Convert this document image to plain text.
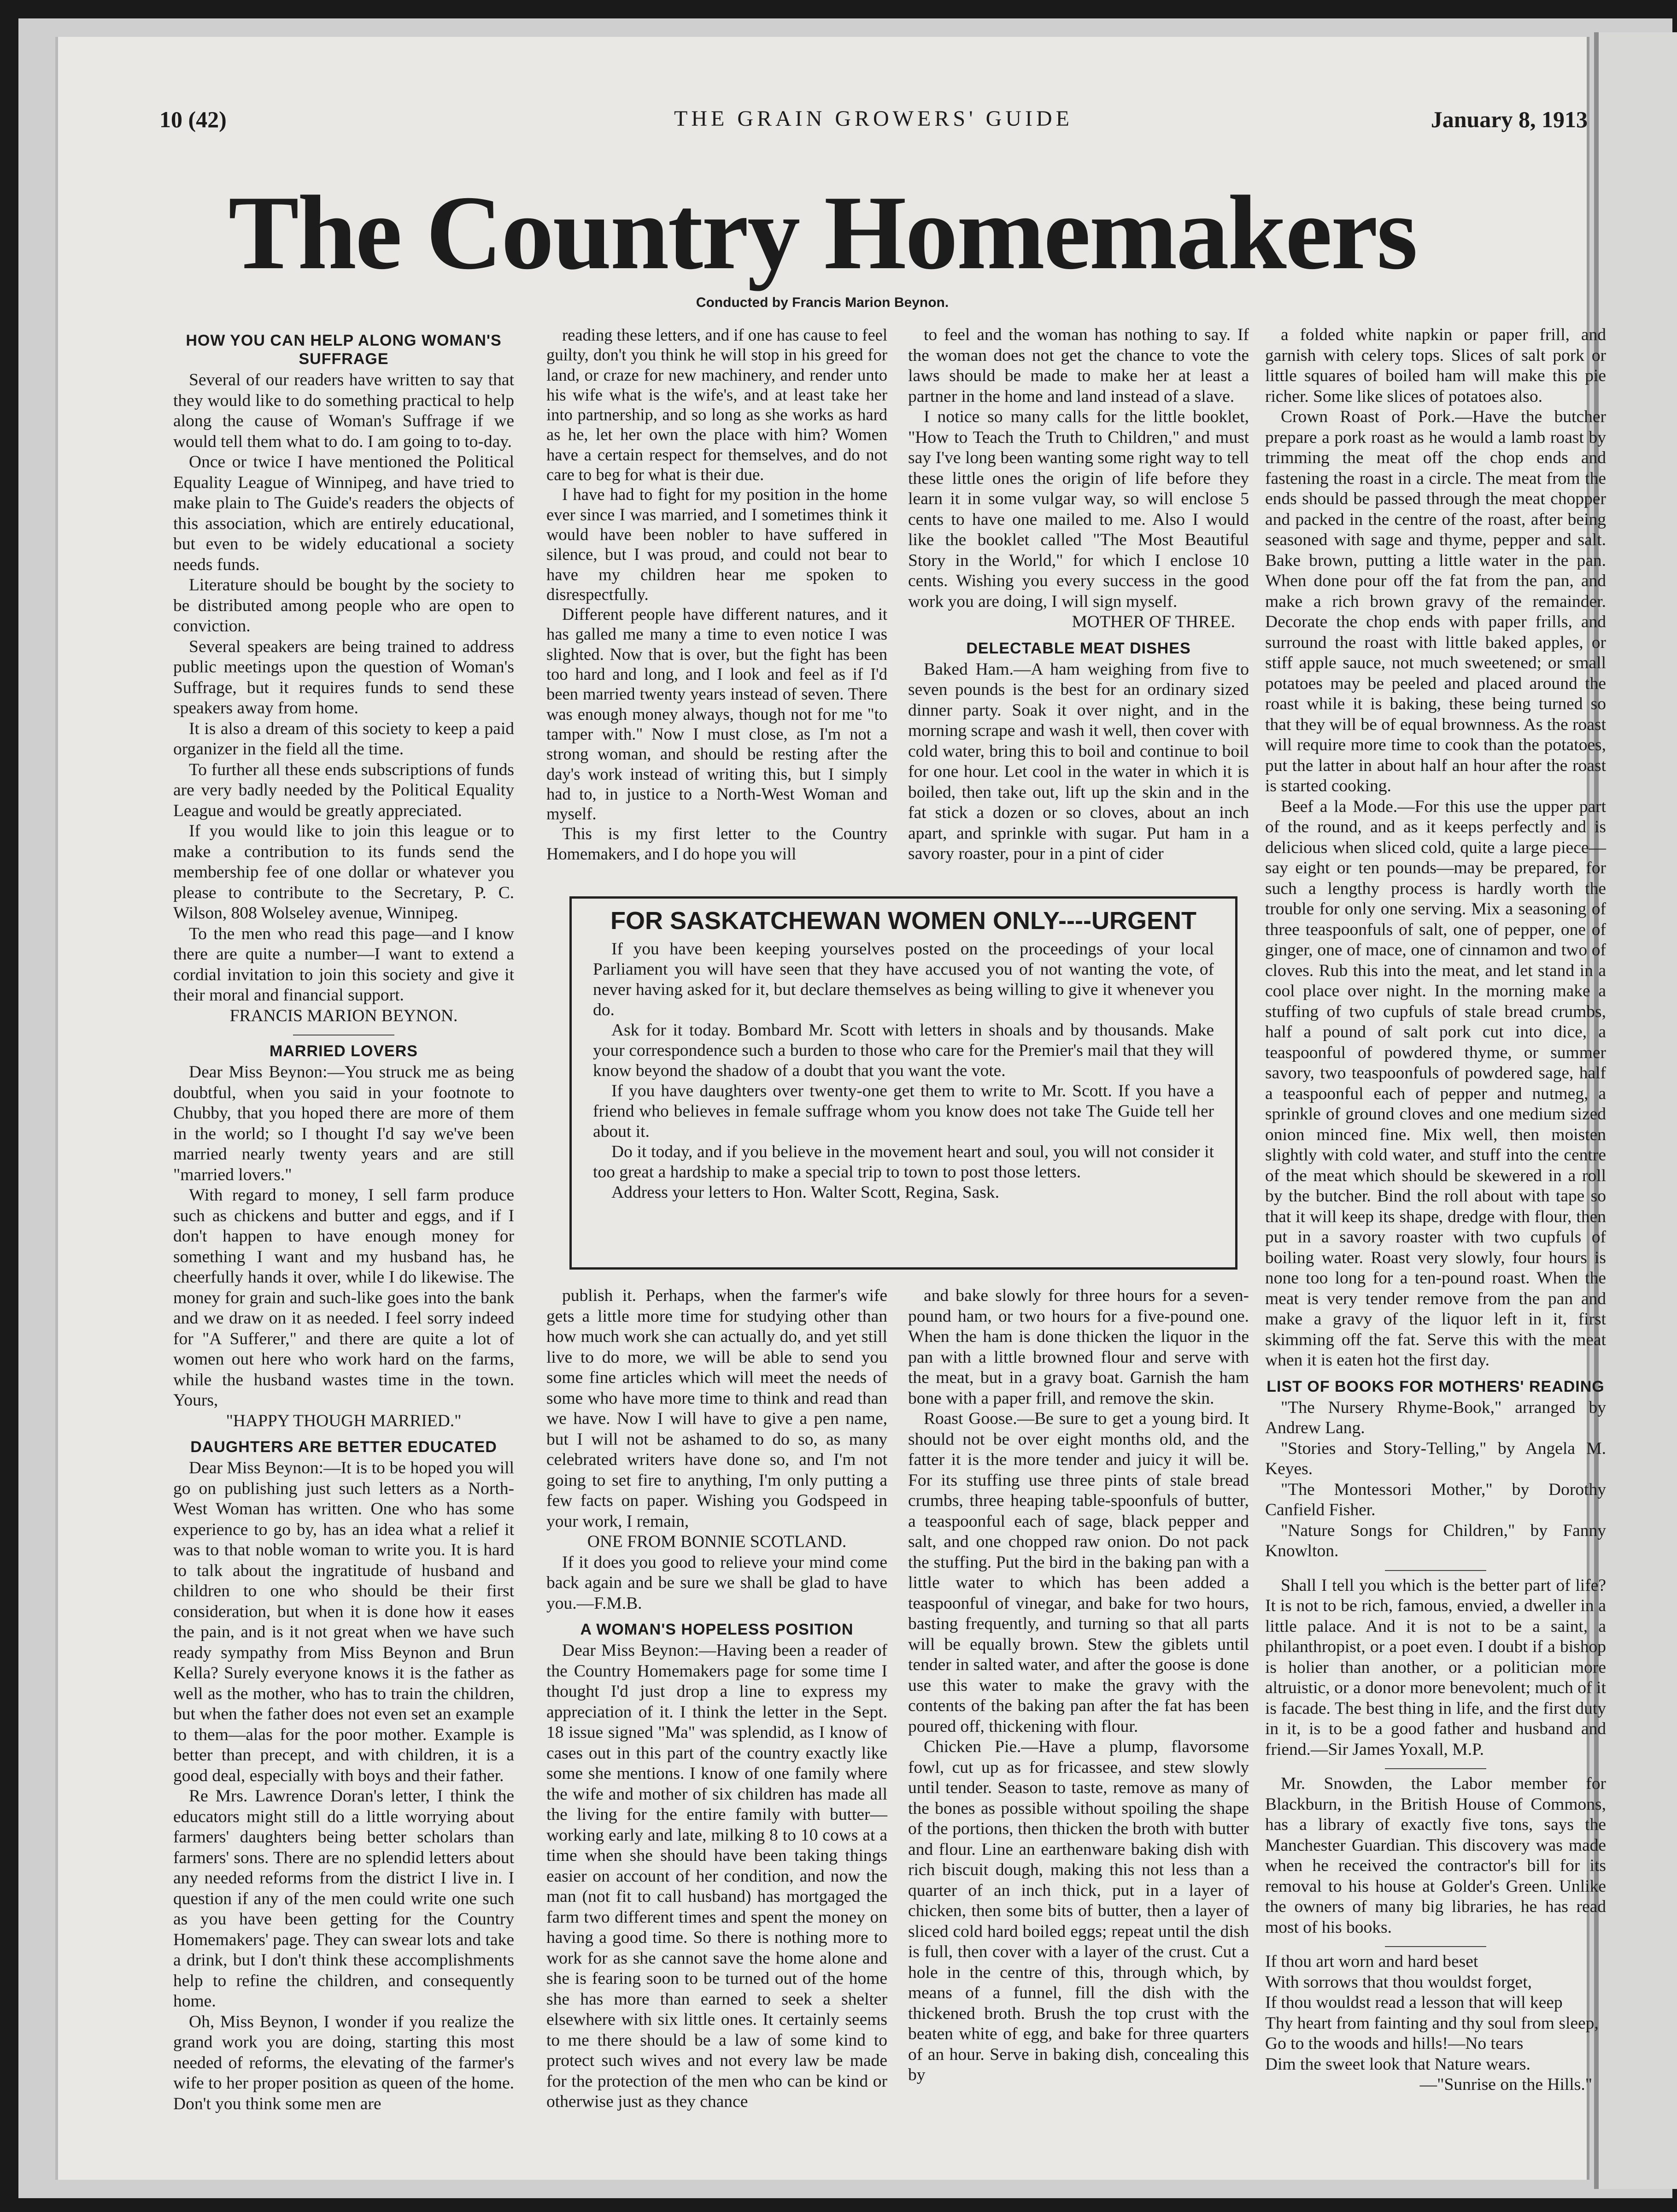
10 (42)	THE GRAIN GROWERS' GUIDE	January 8, 1913
The Country Homemakers
Conducted by Francis Marion Beynon.
HOW YOU CAN HELP ALONG WOMAN'S SUFFRAGE

Several of our readers have written to say that they would like to do something practical to help along the cause of Woman's Suffrage if we would tell them what to do. I am going to to-day.

Once or twice I have mentioned the Political Equality League of Winnipeg, and have tried to make plain to The Guide's readers the objects of this association, which are entirely educational, but even to be widely educational a society needs funds.

Literature should be bought by the society to be distributed among people who are open to conviction.

Several speakers are being trained to address public meetings upon the question of Woman's Suffrage, but it requires funds to send these speakers away from home.

It is also a dream of this society to keep a paid organizer in the field all the time.

To further all these ends subscriptions of funds are very badly needed by the Political Equality League and would be greatly appreciated.

If you would like to join this league or to make a contribution to its funds send the membership fee of one dollar or whatever you please to contribute to the Secretary, P. C. Wilson, 808 Wolseley avenue, Winnipeg.

To the men who read this page—and I know there are quite a number—I want to extend a cordial invitation to join this society and give it their moral and financial support.

FRANCIS MARION BEYNON.

MARRIED LOVERS

Dear Miss Beynon:—You struck me as being doubtful, when you said in your footnote to Chubby, that you hoped there are more of them in the world; so I thought I'd say we've been married nearly twenty years and are still "married lovers."

With regard to money, I sell farm produce such as chickens and butter and eggs, and if I don't happen to have enough money for something I want and my husband has, he cheerfully hands it over, while I do likewise. The money for grain and such-like goes into the bank and we draw on it as needed. I feel sorry indeed for "A Sufferer," and there are quite a lot of women out here who work hard on the farms, while the husband wastes time in the town. Yours,

"HAPPY THOUGH MARRIED."

DAUGHTERS ARE BETTER EDUCATED

Dear Miss Beynon:—It is to be hoped you will go on publishing just such letters as a North-West Woman has written. One who has some experience to go by, has an idea what a relief it was to that noble woman to write you. It is hard to talk about the ingratitude of husband and children to one who should be their first consideration, but when it is done how it eases the pain, and is it not great when we have such ready sympathy from Miss Beynon and Brun Kella? Surely everyone knows it is the father as well as the mother, who has to train the children, but when the father does not even set an example to them—alas for the poor mother. Example is better than precept, and with children, it is a good deal, especially with boys and their father.

Re Mrs. Lawrence Doran's letter, I think the educators might still do a little worrying about farmers' daughters being better scholars than farmers' sons. There are no splendid letters about any needed reforms from the district I live in. I question if any of the men could write one such as you have been getting for the Country Homemakers' page. They can swear lots and take a drink, but I don't think these accomplishments help to refine the children, and consequently home.

Oh, Miss Beynon, I wonder if you realize the grand work you are doing, starting this most needed of reforms, the elevating of the farmer's wife to her proper position as queen of the home. Don't you think some men are

reading these letters, and if one has cause to feel guilty, don't you think he will stop in his greed for land, or craze for new machinery, and render unto his wife what is the wife's, and at least take her into partnership, and so long as she works as hard as he, let her own the place with him? Women have a certain respect for themselves, and do not care to beg for what is their due.

I have had to fight for my position in the home ever since I was married, and I sometimes think it would have been nobler to have suffered in silence, but I was proud, and could not bear to have my children hear me spoken to disrespectfully.

Different people have different natures, and it has galled me many a time to even notice I was slighted. Now that is over, but the fight has been too hard and long, and I look and feel as if I'd been married twenty years instead of seven. There was enough money always, though not for me "to tamper with." Now I must close, as I'm not a strong woman, and should be resting after the day's work instead of writing this, but I simply had to, in justice to a North-West Woman and myself.

This is my first letter to the Country Homemakers, and I do hope you will

to feel and the woman has nothing to say. If the woman does not get the chance to vote the laws should be made to make her at least a partner in the home and land instead of a slave.

I notice so many calls for the little booklet, "How to Teach the Truth to Children," and must say I've long been wanting some right way to tell these little ones the origin of life before they learn it in some vulgar way, so will enclose 5 cents to have one mailed to me. Also I would like the booklet called "The Most Beautiful Story in the World," for which I enclose 10 cents. Wishing you every success in the good work you are doing, I will sign myself.

MOTHER OF THREE.

DELECTABLE MEAT DISHES

Baked Ham.—A ham weighing from five to seven pounds is the best for an ordinary sized dinner party. Soak it over night, and in the morning scrape and wash it well, then cover with cold water, bring this to boil and continue to boil for one hour. Let cool in the water in which it is boiled, then take out, lift up the skin and in the fat stick a dozen or so cloves, about an inch apart, and sprinkle with sugar. Put ham in a savory roaster, pour in a pint of cider

FOR SASKATCHEWAN WOMEN ONLY----URGENT

If you have been keeping yourselves posted on the proceedings of your local Parliament you will have seen that they have accused you of not wanting the vote, of never having asked for it, but declare themselves as being willing to give it whenever you do.

Ask for it today. Bombard Mr. Scott with letters in shoals and by thousands. Make your correspondence such a burden to those who care for the Premier's mail that they will know beyond the shadow of a doubt that you want the vote.

If you have daughters over twenty-one get them to write to Mr. Scott. If you have a friend who believes in female suffrage whom you know does not take The Guide tell her about it.

Do it today, and if you believe in the movement heart and soul, you will not consider it too great a hardship to make a special trip to town to post those letters.

Address your letters to Hon. Walter Scott, Regina, Sask.

publish it. Perhaps, when the farmer's wife gets a little more time for studying other than how much work she can actually do, and yet still live to do more, we will be able to send you some fine articles which will meet the needs of some who have more time to think and read than we have. Now I will have to give a pen name, but I will not be ashamed to do so, as many celebrated writers have done so, and I'm not going to set fire to anything, I'm only putting a few facts on paper. Wishing you Godspeed in your work, I remain,

ONE FROM BONNIE SCOTLAND.

If it does you good to relieve your mind come back again and be sure we shall be glad to have you.—F.M.B.

A WOMAN'S HOPELESS POSITION

Dear Miss Beynon:—Having been a reader of the Country Homemakers page for some time I thought I'd just drop a line to express my appreciation of it. I think the letter in the Sept. 18 issue signed "Ma" was splendid, as I know of cases out in this part of the country exactly like some she mentions. I know of one family where the wife and mother of six children has made all the living for the entire family with butter—working early and late, milking 8 to 10 cows at a time when she should have been taking things easier on account of her condition, and now the man (not fit to call husband) has mortgaged the farm two different times and spent the money on having a good time. So there is nothing more to work for as she cannot save the home alone and she is fearing soon to be turned out of the home she has more than earned to seek a shelter elsewhere with six little ones. It certainly seems to me there should be a law of some kind to protect such wives and not every law be made for the protection of the men who can be kind or otherwise just as they chance

and bake slowly for three hours for a seven-pound ham, or two hours for a five-pound one. When the ham is done thicken the liquor in the pan with a little browned flour and serve with the meat, but in a gravy boat. Garnish the ham bone with a paper frill, and remove the skin.

Roast Goose.—Be sure to get a young bird. It should not be over eight months old, and the fatter it is the more tender and juicy it will be. For its stuffing use three pints of stale bread crumbs, three heaping table-spoonfuls of butter, a teaspoonful each of sage, black pepper and salt, and one chopped raw onion. Do not pack the stuffing. Put the bird in the baking pan with a little water to which has been added a teaspoonful of vinegar, and bake for two hours, basting frequently, and turning so that all parts will be equally brown. Stew the giblets until tender in salted water, and after the goose is done use this water to make the gravy with the contents of the baking pan after the fat has been poured off, thickening with flour.

Chicken Pie.—Have a plump, flavorsome fowl, cut up as for fricassee, and stew slowly until tender. Season to taste, remove as many of the bones as possible without spoiling the shape of the portions, then thicken the broth with butter and flour. Line an earthenware baking dish with rich biscuit dough, making this not less than a quarter of an inch thick, put in a layer of chicken, then some bits of butter, then a layer of sliced cold hard boiled eggs; repeat until the dish is full, then cover with a layer of the crust. Cut a hole in the centre of this, through which, by means of a funnel, fill the dish with the thickened broth. Brush the top crust with the beaten white of egg, and bake for three quarters of an hour. Serve in baking dish, concealing this by

a folded white napkin or paper frill, and garnish with celery tops. Slices of salt pork or little squares of boiled ham will make this pie richer. Some like slices of potatoes also.

Crown Roast of Pork.—Have the butcher prepare a pork roast as he would a lamb roast by trimming the meat off the chop ends and fastening the roast in a circle. The meat from the ends should be passed through the meat chopper and packed in the centre of the roast, after being seasoned with sage and thyme, pepper and salt. Bake brown, putting a little water in the pan. When done pour off the fat from the pan, and make a rich brown gravy of the remainder. Decorate the chop ends with paper frills, and surround the roast with little baked apples, or stiff apple sauce, not much sweetened; or small potatoes may be peeled and placed around the roast while it is baking, these being turned so that they will be of equal brownness. As the roast will require more time to cook than the potatoes, put the latter in about half an hour after the roast is started cooking.

Beef a la Mode.—For this use the upper part of the round, and as it keeps perfectly and is delicious when sliced cold, quite a large piece—say eight or ten pounds—may be prepared, for such a lengthy process is hardly worth the trouble for only one serving. Mix a seasoning of three teaspoonfuls of salt, one of pepper, one of ginger, one of mace, one of cinnamon and two of cloves. Rub this into the meat, and let stand in a cool place over night. In the morning make a stuffing of two cupfuls of stale bread crumbs, half a pound of salt pork cut into dice, a teaspoonful of powdered thyme, or summer savory, two teaspoonfuls of powdered sage, half a teaspoonful each of pepper and nutmeg, a sprinkle of ground cloves and one medium sized onion minced fine. Mix well, then moisten slightly with cold water, and stuff into the centre of the meat which should be skewered in a roll by the butcher. Bind the roll about with tape so that it will keep its shape, dredge with flour, then put in a savory roaster with two cupfuls of boiling water. Roast very slowly, four hours is none too long for a ten-pound roast. When the meat is very tender remove from the pan and make a gravy of the liquor left in it, first skimming off the fat. Serve this with the meat when it is eaten hot the first day.

LIST OF BOOKS FOR MOTHERS' READING

"The Nursery Rhyme-Book," arranged by Andrew Lang.

"Stories and Story-Telling," by Angela M. Keyes.

"The Montessori Mother," by Dorothy Canfield Fisher.

"Nature Songs for Children," by Fanny Knowlton.

Shall I tell you which is the better part of life? It is not to be rich, famous, envied, a dweller in a little palace. And it is not to be a saint, a philanthropist, or a poet even. I doubt if a bishop is holier than another, or a politician more altruistic, or a donor more benevolent; much of it is facade. The best thing in life, and the first duty in it, is to be a good father and husband and friend.—Sir James Yoxall, M.P.

Mr. Snowden, the Labor member for Blackburn, in the British House of Commons, has a library of exactly five tons, says the Manchester Guardian. This discovery was made when he received the contractor's bill for its removal to his house at Golder's Green. Unlike the owners of many big libraries, he has read most of his books.

If thou art worn and hard beset

With sorrows that thou wouldst forget,

If thou wouldst read a lesson that will keep

Thy heart from fainting and thy soul from sleep,

Go to the woods and hills!—No tears

Dim the sweet look that Nature wears.

—"Sunrise on the Hills."
